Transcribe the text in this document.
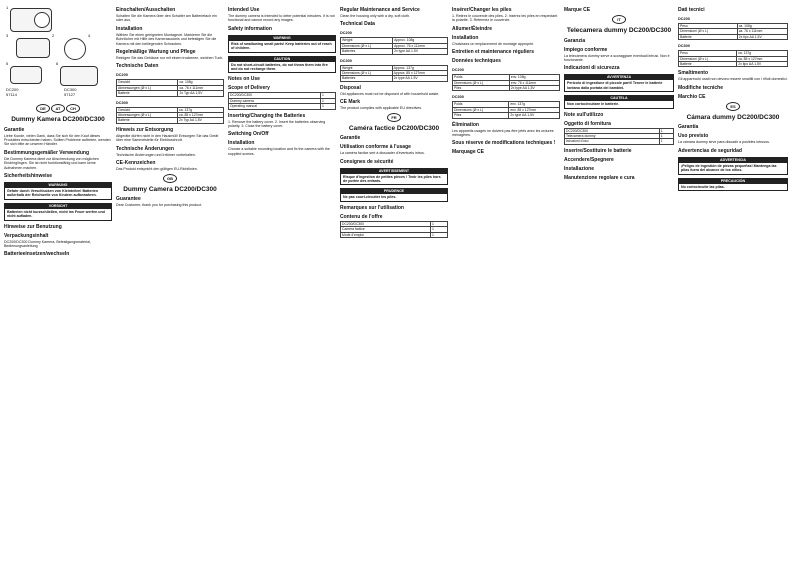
1
2
3	4
5	6
DC200
57114
DC300
57127
DE AT CH
Dummy Kamera DC200/DC300
Garantie

Liebe Kunde, vielen Dank, dass Sie sich für den Kauf dieses Produktes entschieden haben. Sollten Probleme auftreten, wenden Sie sich bitte an unseren Händler.

Bestimmungsgemäßer Verwendung

Die Dummy Kamera dient zur Abschreckung von möglichen Eindringlingen. Sie ist nicht funktionsfähig und kann keine Aufnahmen machen.

Sicherheitshinweise
WARNUNG
Gefahr durch Verschlucken von Kleinteilen! Batterien außerhalb der Reichweite von Kindern aufbewahren.
VORSICHT
Batterien nicht kurzschließen, nicht ins Feuer werfen und nicht aufladen.
Hinweise zur Benutzung
Verpackungsinhalt

DC200/DC300 Dummy Kamera, Befestigungsmaterial, Bedienungsanleitung

Batterieeinsetzen/wechseln
Einschalten/Ausschalten

Schalten Sie die Kamera über den Schalter am Batteriefach ein oder aus.

Installation

Wählen Sie einen geeigneten Montageort. Markieren Sie die Bohrlöcher mit Hilfe des Kamerasockels und befestigen Sie die Kamera mit den beiliegenden Schrauben.

Regelmäßige Wartung und Pflege

Reinigen Sie das Gehäuse nur mit einem trockenen, weichen Tuch.

Technische Daten
DC200
Gewicht	ca. 108g
Abmessungen (Ø x L)	ca. 76 x 111mm
Batterie	2x Typ AA 1,5V
DC300
Gewicht	ca. 137g
Abmessungen (Ø x L)	ca. 85 x 127mm
Batterie	2x Typ AA 1,5V
Hinweis zur Entsorgung

Altgeräte dürfen nicht in den Hausmüll! Entsorgen Sie das Gerät über eine Sammelstelle für Elektroschrott.

Technische Änderungen

Technische Änderungen und Irrtümer vorbehalten.

CE-Kennzeichen

Das Produkt entspricht den gültigen EU-Richtlinien.

GB
Dummy Camera DC200/DC300
Guarantee

Dear Customer, thank you for purchasing this product.

Intended Use

The dummy camera is intended to deter potential intruders. It is not functional and cannot record any images.

Safety information
WARNING
Risk of swallowing small parts! Keep batteries out of reach of children.
CAUTION
Do not short-circuit batteries, do not throw them into fire and do not recharge them.
Notes on Use
Scope of Delivery
DC200/DC300	1
Dummy camera	1
Operating manual	1
Inserting/Changing the Batteries

1. Remove the battery cover. 2. Insert the batteries observing polarity. 3. Close the battery cover.

Switching On/Off
Installation

Choose a suitable mounting location and fix the camera with the supplied screws.

Regular Maintenance and Service

Clean the housing only with a dry, soft cloth.

Technical Data
DC200
Weight	Approx. 108g
Dimensions (Ø x L)	Approx. 76 x 111mm
Batteries	2x type AA 1.5V
DC300
Weight	Approx. 137g
Dimensions (Ø x L)	Approx. 85 x 127mm
Batteries	2x type AA 1.5V
Disposal

Old appliances must not be disposed of with household waste.

CE Mark

The product complies with applicable EU directives.

FR
Caméra factice DC200/DC300
Garantie
Utilisation conforme à l'usage

La caméra factice sert à dissuader d'éventuels intrus.

Consignes de sécurité
AVERTISSEMENT
Risque d'ingestion de petites pièces ! Tenir les piles hors de portée des enfants.
PRUDENCE
Ne pas court-circuiter les piles.
Remarques sur l'utilisation
Contenu de l'offre
DC200/DC300	1
Caméra factice	1
Mode d'emploi	1
Insérer/Changer les piles

1. Retirez le couvercle des piles. 2. Insérez les piles en respectant la polarité. 3. Refermez le couvercle.

Allumer/Éteindre
Installation

Choisissez un emplacement de montage approprié.

Entretien et maintenance réguliers
Données techniques
DC200
Poids	env. 108g
Dimensions (Ø x L)	env. 76 x 111mm
Piles	2x type AA 1,5V
DC300
Poids	env. 137g
Dimensions (Ø x L)	env. 85 x 127mm
Piles	2x type AA 1,5V
Élimination

Les appareils usagés ne doivent pas être jetés avec les ordures ménagères.

Sous réserve de modifications techniques !
Marquage CE
Marque CE
IT
Telecamera dummy DC200/DC300
Garanzia
Impiego conforme

La telecamera dummy serve a scoraggiare eventuali intrusi. Non è funzionante.

Indicazioni di sicurezza
AVVERTENZA
Pericolo di ingestione di piccole parti! Tenere le batterie lontano dalla portata dei bambini.
CAUTELA
Non cortocircuitare le batterie.
Note sull'utilizzo
Oggetto di fornitura
DC200/DC300	1
Telecamera dummy	1
Istruzioni d'uso	1
Inserire/Sostituire le batterie
Accendere/Spegnere
Installazione
Manutenzione regolare e cura
Dati tecnici
DC200
Peso	ca. 108g
Dimensioni (Ø x L)	ca. 76 x 111mm
Batterie	2x tipo AA 1,5V
DC300
Peso	ca. 137g
Dimensioni (Ø x L)	ca. 85 x 127mm
Batterie	2x tipo AA 1,5V
Smaltimento

Gli apparecchi usati non devono essere smaltiti con i rifiuti domestici.

Modifiche tecniche
Marchio CE
ES
Cámara dummy DC200/DC300
Garantía
Uso previsto

La cámara dummy sirve para disuadir a posibles intrusos.

Advertencias de seguridad
ADVERTENCIA
¡Peligro de ingestión de piezas pequeñas! Mantenga las pilas fuera del alcance de los niños.
PRECAUCIÓN
No cortocircuite las pilas.
